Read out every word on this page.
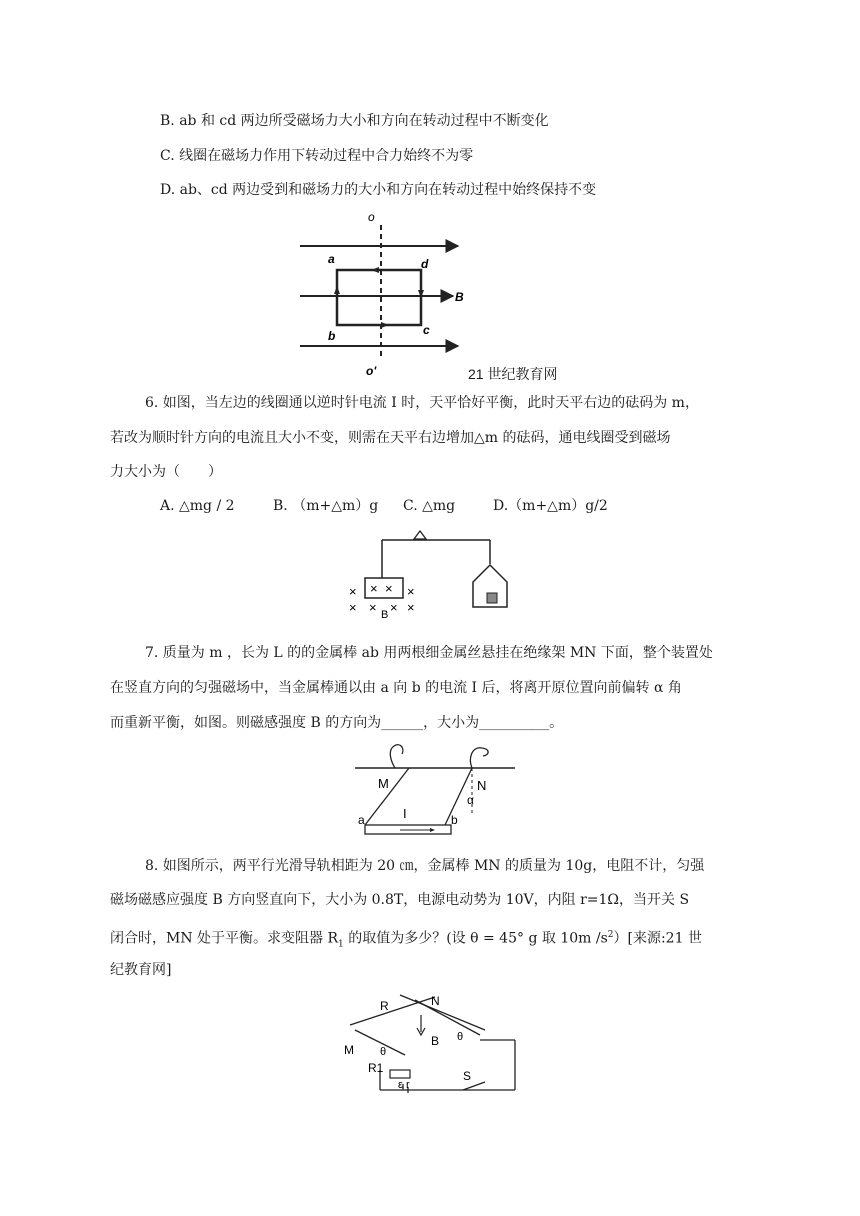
B. ab 和 cd 两边所受磁场力大小和方向在转动过程中不断变化
C. 线圈在磁场力作用下转动过程中合力始终不为零
D. ab、cd 两边受到和磁场力的大小和方向在转动过程中始终保持不变
o
a	d
B
b	c
o'	21 世纪教育网
6. 如图，当左边的线圈通以逆时针电流 I 时，天平恰好平衡，此时天平右边的砝码为 m，
若改为顺时针方向的电流且大小不变，则需在天平右边增加△m 的砝码，通电线圈受到磁场
力大小为（　　）
A. △mg / 2	B. （m+△m）g C. △mg	D.（m+△m）g/2
× × × ×
× × × ×
B
7. 质量为 m ，长为 L 的的金属棒 ab 用两根细金属丝悬挂在绝缘架 MN 下面，整个装置处
在竖直方向的匀强磁场中，当金属棒通以由 a 向 b 的电流 I 后，将离开原位置向前偏转 α 角
而重新平衡，如图。则磁感强度 B 的方向为______，大小为__________。
M	N
α
I
a	b
8. 如图所示，两平行光滑导轨相距为 20 ㎝，金属棒 MN 的质量为 10g，电阻不计，匀强
磁场磁感应强度 B 方向竖直向下，大小为 0.8T，电源电动势为 10V，内阻 r=1Ω，当开关 S
闭合时，MN 处于平衡。求变阻器 $R_1$ 的取值为多少？(设 θ = 45° g 取 10m $/s^2$）[来源:21 世
纪教育网]
R	N
M
B θ
θ
R1
ε r
S
